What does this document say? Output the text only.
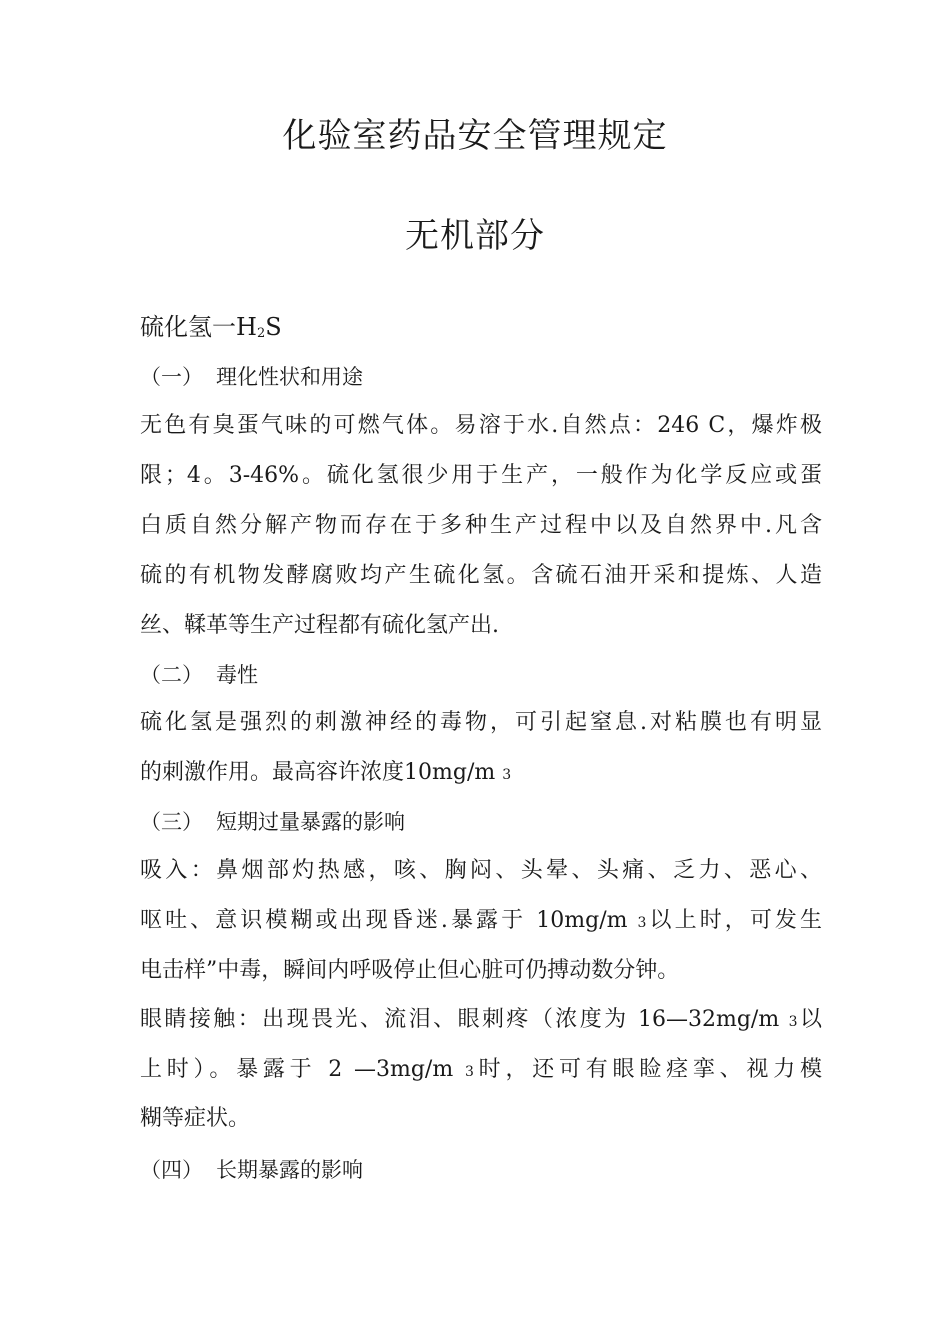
化验室药品安全管理规定
无机部分
硫化氢一$H_2S$
（一） 理化性状和用途
无色有臭蛋气味的可燃气体。易溶于水.自然点：246 C，爆炸极
限；4。3-46%。硫化氢很少用于生产，一般作为化学反应或蛋
白质自然分解产物而存在于多种生产过程中以及自然界中.凡含
硫的有机物发酵腐败均产生硫化氢。含硫石油开采和提炼、人造
丝、鞣革等生产过程都有硫化氢产出.
（二） 毒性
硫化氢是强烈的刺激神经的毒物，可引起窒息.对粘膜也有明显
的刺激作用。最高容许浓度10mg/m 3
（三） 短期过量暴露的影响
吸入：鼻烟部灼热感，咳、胸闷、头晕、头痛、乏力、恶心、
呕吐、意识模糊或出现昏迷.暴露于 10mg/m 3以上时，可发生
电击样”中毒，瞬间内呼吸停止但心脏可仍搏动数分钟。
眼睛接触：出现畏光、流泪、眼刺疼（浓度为 16—32mg/m 3以
上时）。暴露于 2 —3mg/m 3时，还可有眼睑痉挛、视力模
糊等症状。
（四） 长期暴露的影响
